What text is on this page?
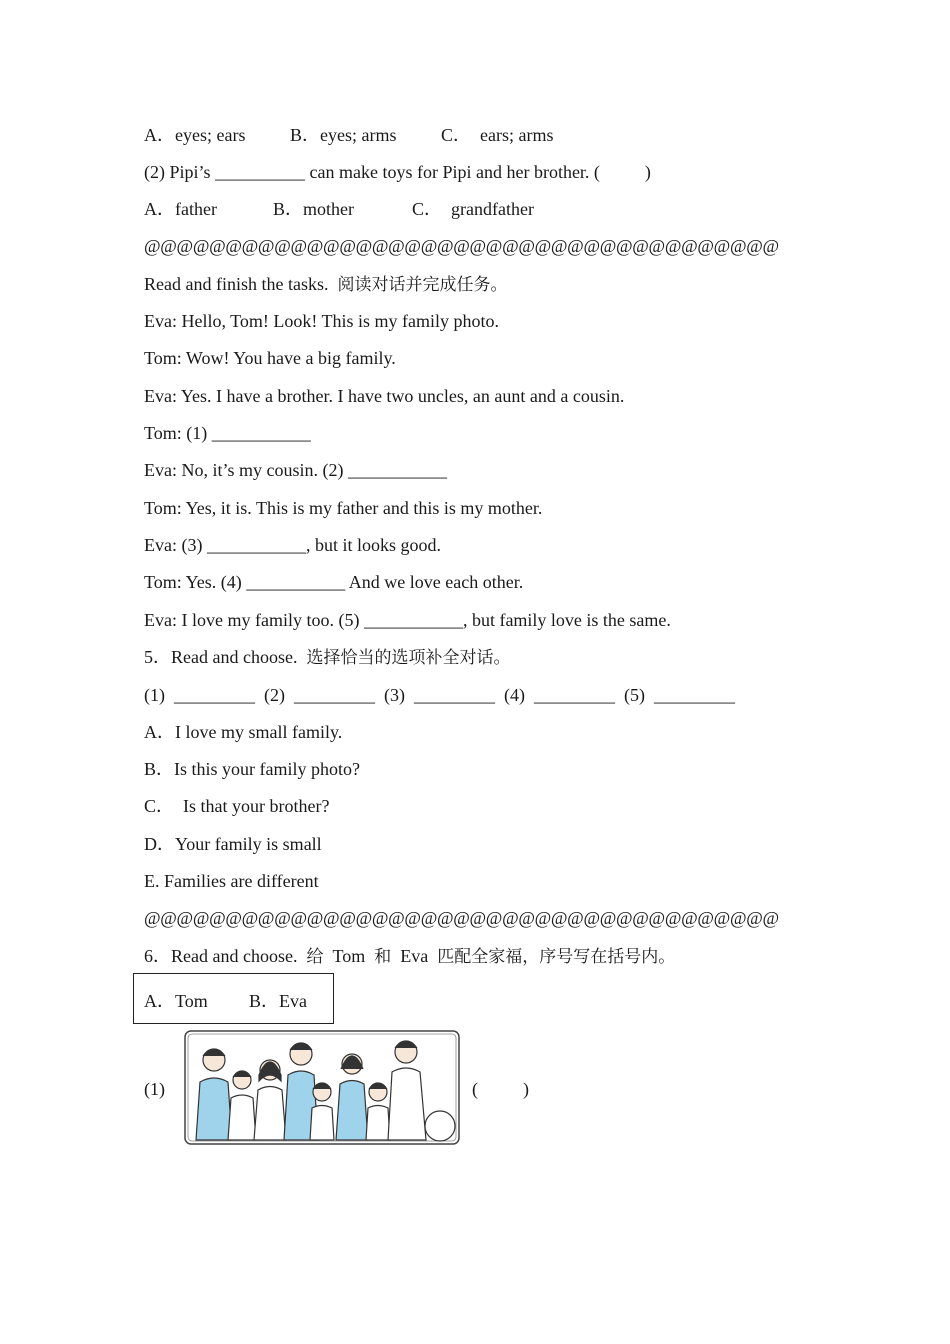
A．eyes; ears B．eyes; arms C．  ears; arms
(2) Pipi’s __________ can make toys for Pipi and her brother. (          )
A．father	B．mother	C．  grandfather
@@@@@@@@@@@@@@@@@@@@@@@@@@@@@@@@@@@@@@@
Read and finish the tasks. 阅读对话并完成任务。
Eva: Hello, Tom! Look! This is my family photo.
Tom: Wow! You have a big family.
Eva: Yes. I have a brother. I have two uncles, an aunt and a cousin.
Tom: (1) ___________
Eva: No, it’s my cousin. (2) ___________
Tom: Yes, it is. This is my father and this is my mother.
Eva: (3) ___________, but it looks good.
Tom: Yes. (4) ___________ And we love each other.
Eva: I love my family too. (5) ___________, but family love is the same.
5．Read and choose. 选择恰当的选项补全对话。
(1)  _________  (2)  _________  (3)  _________  (4)  _________  (5)  _________
A．I love my small family.
B．Is this your family photo?
C．  Is that your brother?
D．Your family is small
E. Families are different
@@@@@@@@@@@@@@@@@@@@@@@@@@@@@@@@@@@@@@@
6．Read and choose. 给 Tom 和 Eva 匹配全家福，序号写在括号内。
A．Tom B．Eva
(1)	(          )
